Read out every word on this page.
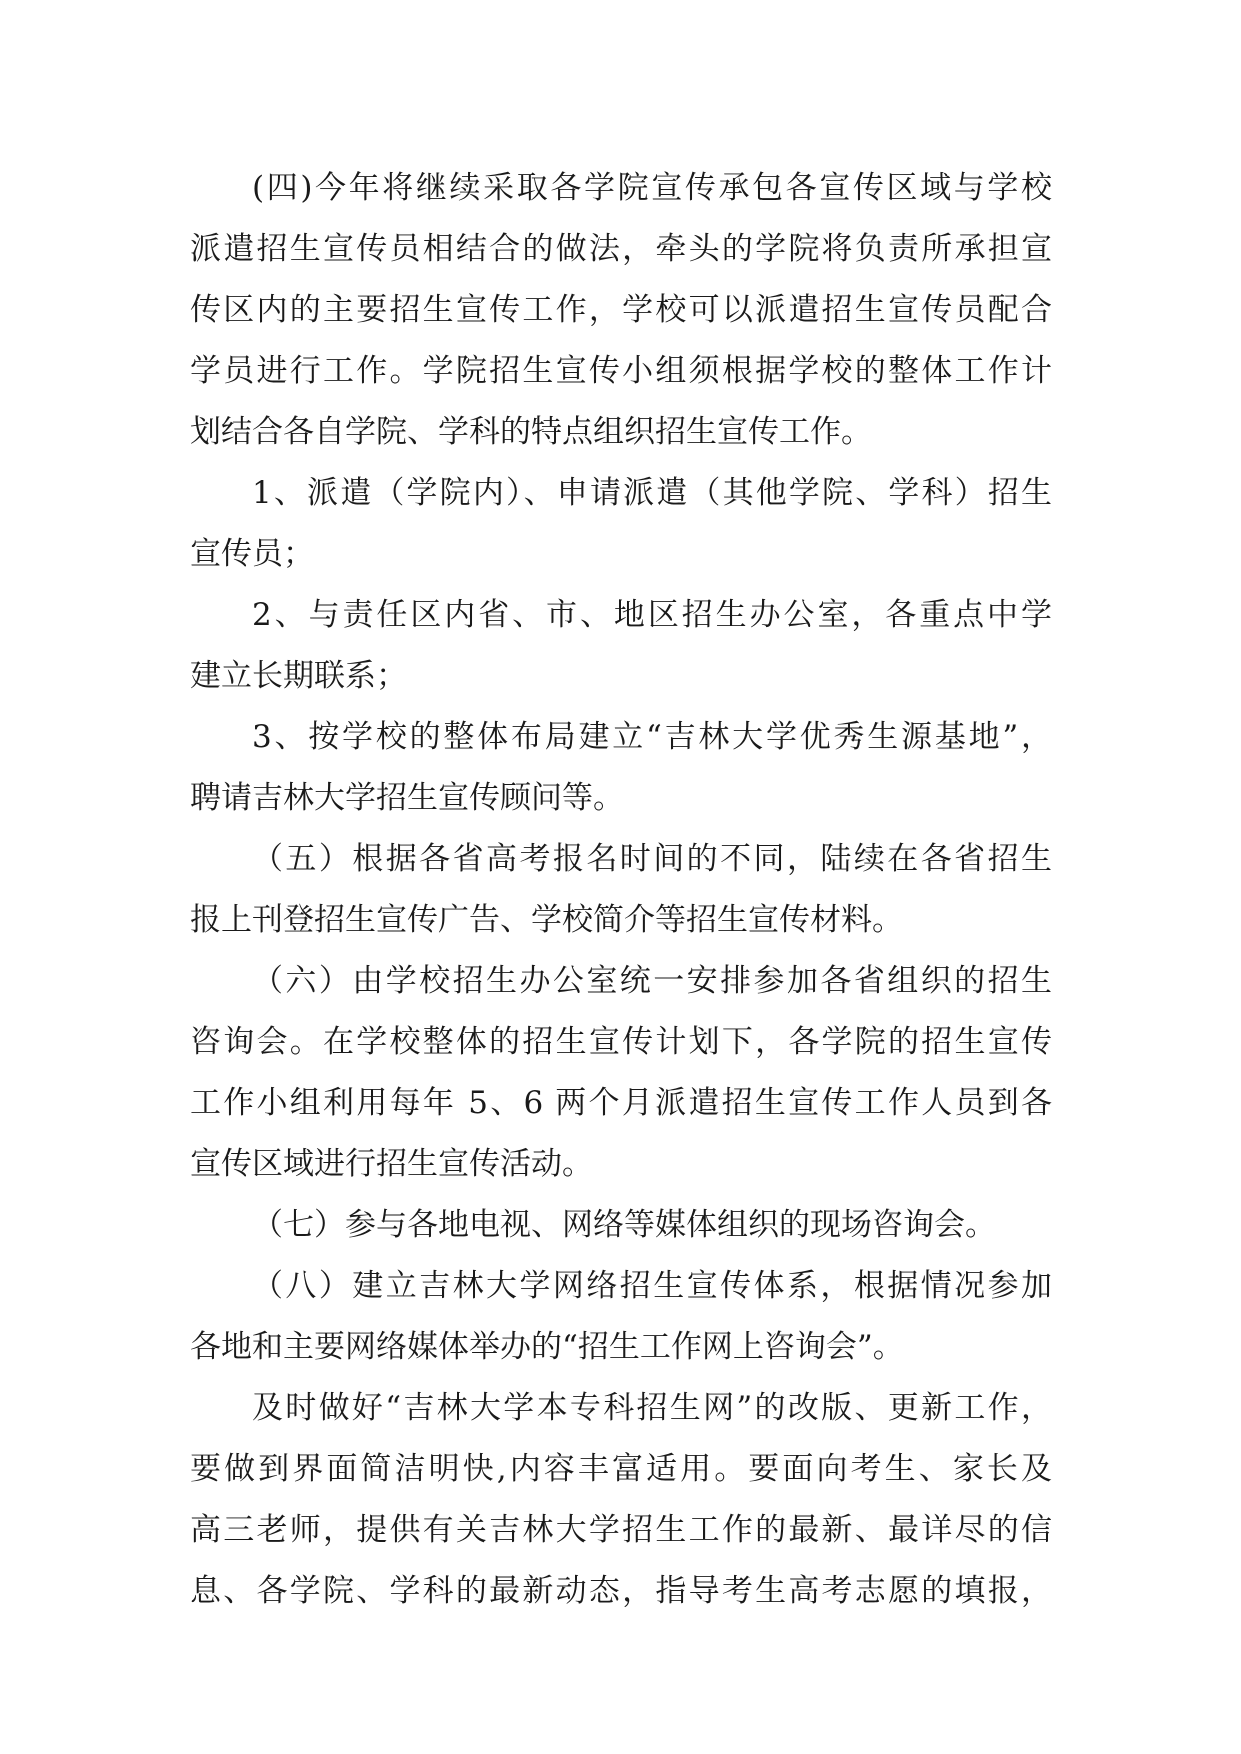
(四)今年将继续采取各学院宣传承包各宣传区域与学校
派遣招生宣传员相结合的做法，牵头的学院将负责所承担宣
传区内的主要招生宣传工作，学校可以派遣招生宣传员配合
学员进行工作。学院招生宣传小组须根据学校的整体工作计
划结合各自学院、学科的特点组织招生宣传工作。
1、派遣（学院内）、申请派遣（其他学院、学科）招生
宣传员；
2、与责任区内省、市、地区招生办公室，各重点中学
建立长期联系；
3、按学校的整体布局建立“吉林大学优秀生源基地”，
聘请吉林大学招生宣传顾问等。
（五）根据各省高考报名时间的不同，陆续在各省招生
报上刊登招生宣传广告、学校简介等招生宣传材料。
（六）由学校招生办公室统一安排参加各省组织的招生
咨询会。在学校整体的招生宣传计划下，各学院的招生宣传
工作小组利用每年 5、6 两个月派遣招生宣传工作人员到各
宣传区域进行招生宣传活动。
（七）参与各地电视、网络等媒体组织的现场咨询会。
（八）建立吉林大学网络招生宣传体系，根据情况参加
各地和主要网络媒体举办的“招生工作网上咨询会”。
及时做好“吉林大学本专科招生网”的改版、更新工作，
要做到界面简洁明快,内容丰富适用。要面向考生、家长及
高三老师，提供有关吉林大学招生工作的最新、最详尽的信
息、各学院、学科的最新动态，指导考生高考志愿的填报，
